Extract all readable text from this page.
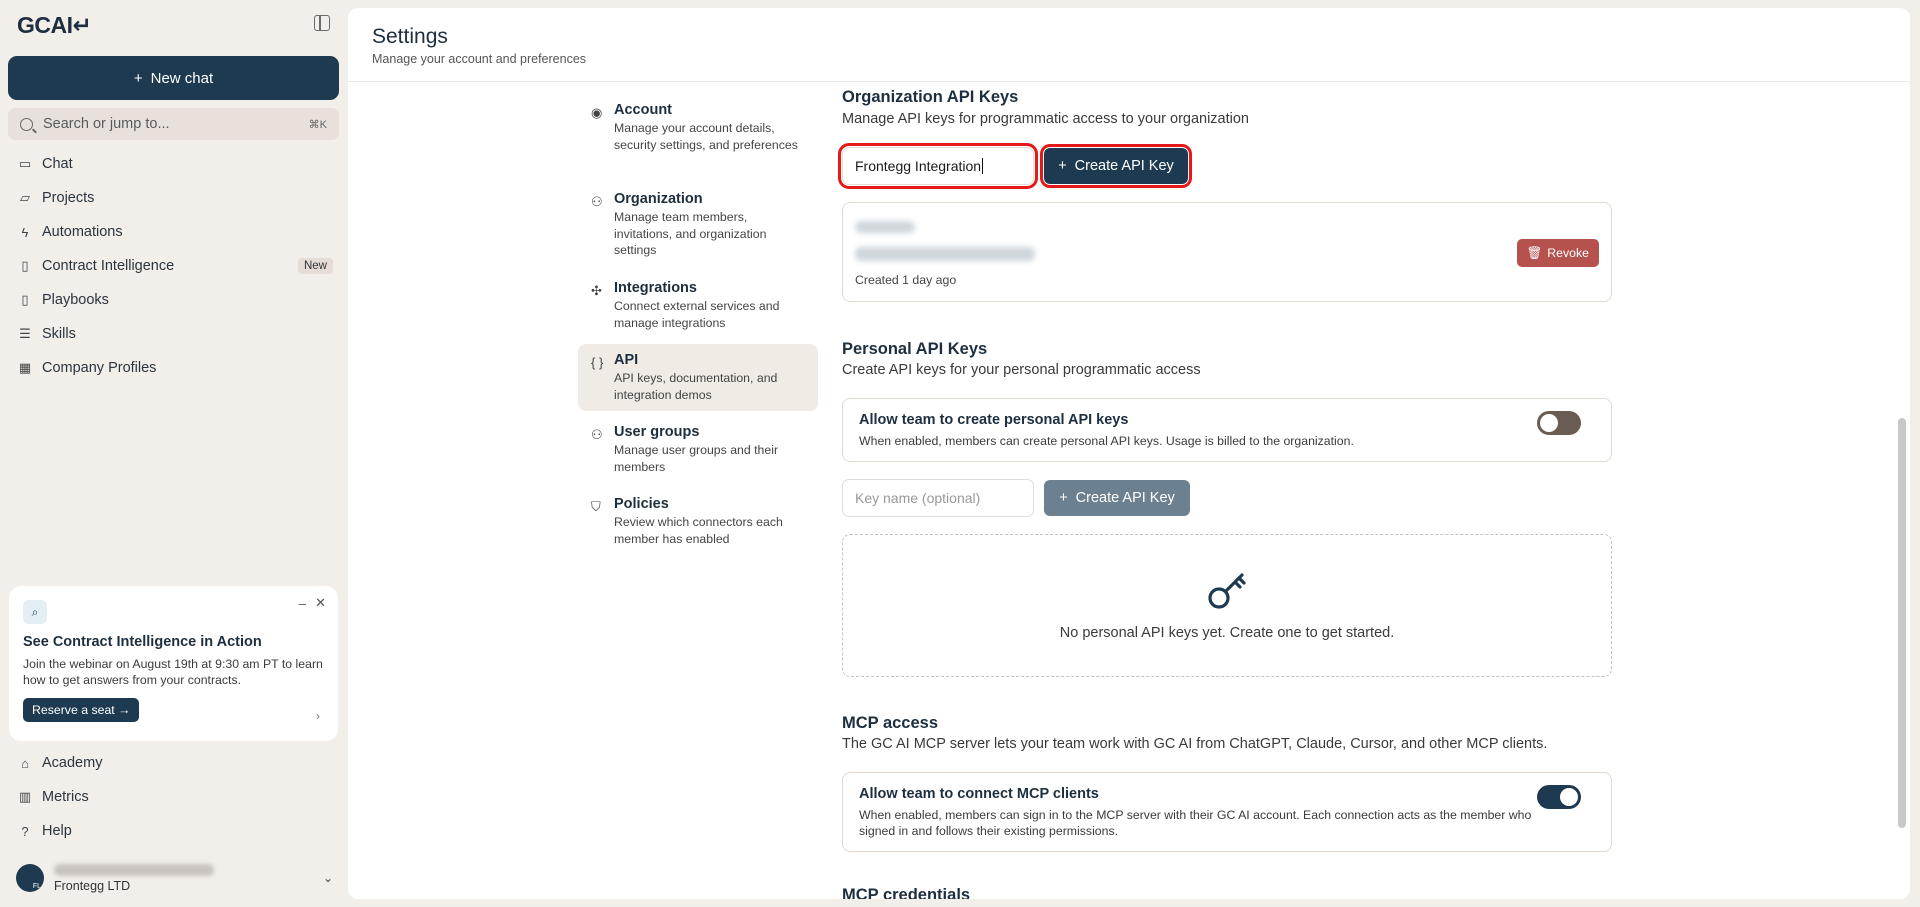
GCAI↵
+ New chat
Search or jump to...	⌘K
▭ Chat
▱ Projects
ϟ Automations
▯ Contract Intelligence	New
▯ Playbooks
☰ Skills
▦ Company Profiles
⌕
– ✕
See Contract Intelligence in Action
Join the webinar on August 19th at 9:30 am PT to learn how to get answers from your contracts.
Reserve a seat →	›
⌂ Academy
▥ Metrics
? Help
FL Frontegg LTD
⌄
Settings
Manage your account and preferences
◉ Account
Manage your account details, security settings, and preferences
⚇ Organization
Manage team members, invitations, and organization settings
✣ Integrations
Connect external services and manage integrations
{ } API
API keys, documentation, and integration demos
⚇ User groups
Manage user groups and their members
⛉ Policies
Review which connectors each member has enabled
Organization API Keys
Manage API keys for programmatic access to your organization
Frontegg Integration	+ Create API Key
Created 1 day ago
🗑 Revoke
Personal API Keys
Create API keys for your personal programmatic access
Allow team to create personal API keys
When enabled, members can create personal API keys. Usage is billed to the organization.
Key name (optional)	+ Create API Key
No personal API keys yet. Create one to get started.
MCP access
The GC AI MCP server lets your team work with GC AI from ChatGPT, Claude, Cursor, and other MCP clients.
Allow team to connect MCP clients
When enabled, members can sign in to the MCP server with their GC AI account. Each connection acts as the member who signed in and follows their existing permissions.
MCP credentials
